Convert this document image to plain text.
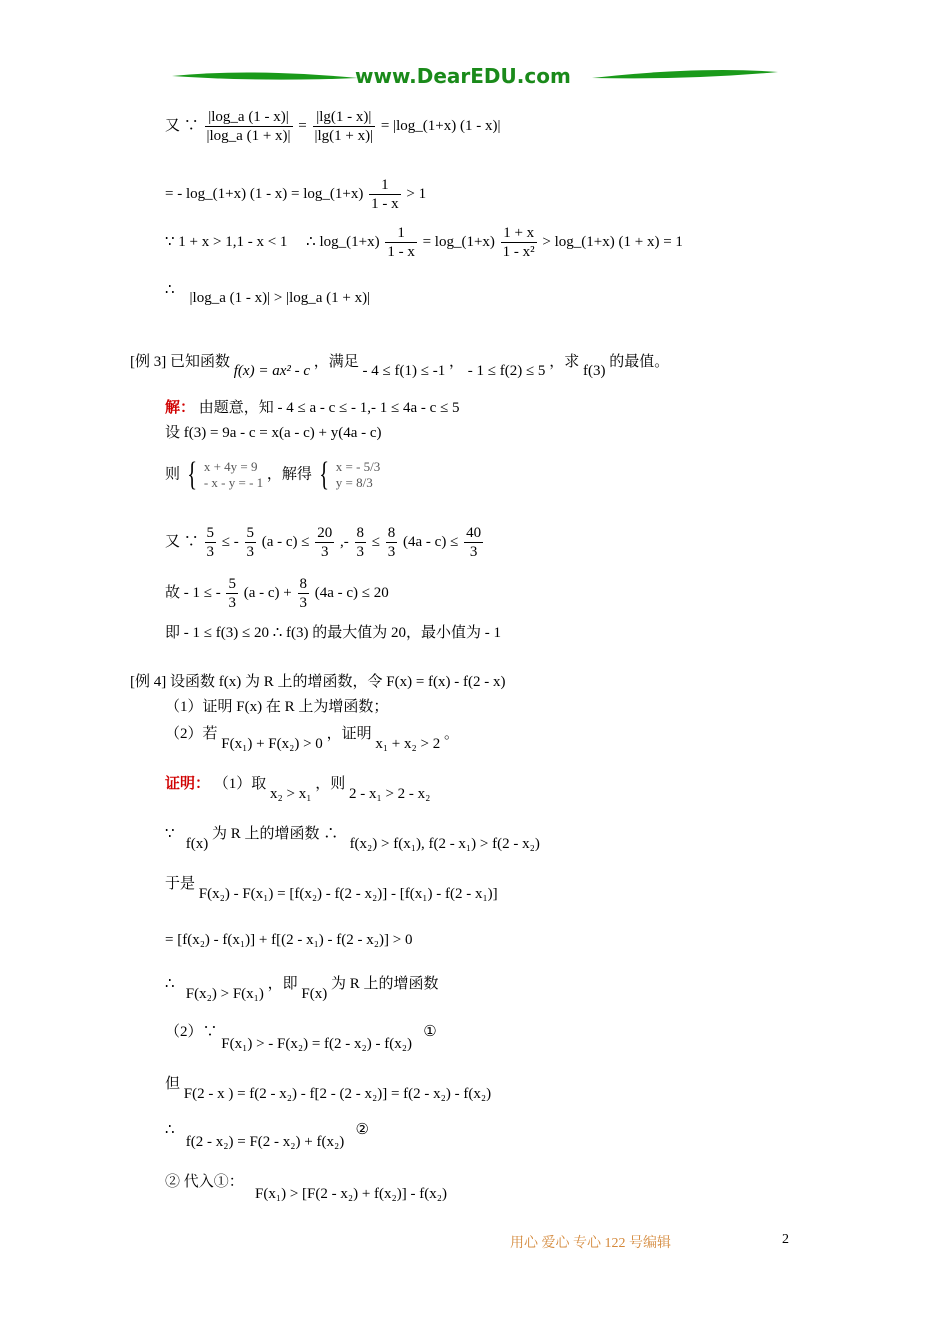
www.DearEDU.com
又 ∵ $\frac{|\log\_a (1 - x)|}{|\log\_a (1 + x)|} = \frac{|\lg(1 - x)|}{|\lg(1 + x)|}$ = |log_(1+x) (1 - x)|
= - log_(1+x) (1 - x) = log_(1+x) $\frac{1}{1 - x} > 1$
∵ 1 + x > 1,1 - x < 1 ∴ log_(1+x) $\frac{1}{1 - x}$ = log_(1+x) $\frac{1 + x}{\text{1 - x²}}$ > log_(1+x) (1 + x) = 1
∴ |log_a (1 - x)| > |log_a (1 + x)|
[例 3] 已知函数 f(x) = ax² - c ，满足 - 4 ≤ f(1) ≤ -1 ， - 1 ≤ f(2) ≤ 5 ，求 f(3) 的最值。
解： 由题意，知 - 4 ≤ a - c ≤ - 1,- 1 ≤ 4a - c ≤ 5
设 f(3) = 9a - c = x(a - c) + y(4a - c)
则 { x + 4y = 9
- x - y = - 1
，解得 { x = - 5/3
y = 8/3
又 ∵ $\frac{5}{3}$ ≤ - $\frac{5}{3} (a - c) \le \frac{20}{3}$ ,- $\frac{8}{3} \le \frac{8}{3} (4a - c) \le \frac{40}{3}$
故 - 1 ≤ - $\frac{5}{3} (a - c) + \frac{8}{3} (4a - c) \le 20$
即 - 1 ≤ f(3) ≤ 20 ∴ f(3) 的最大值为 20，最小值为 - 1
[例 4] 设函数 f(x) 为 R 上的增函数，令 F(x) = f(x) - f(2 - x)
（1）证明 F(x) 在 R 上为增函数；
（2）若 F(x₁) + F(x₂) > 0 ，证明 x₁ + x₂ > 2 。
证明： （1）取 x₂ > x₁ ，则 2 - x₁ > 2 - x₂
∵   f(x) 为 R 上的增函数 ∴   f(x₂) > f(x₁), f(2 - x₁) > f(2 - x₂)
于是 F(x₂) - F(x₁) = [f(x₂) - f(2 - x₂)] - [f(x₁) - f(2 - x₁)]
= [f(x₂) - f(x₁)] + f[(2 - x₁) - f(2 - x₂)] > 0
∴   F(x₂) > F(x₁) ，即 F(x) 为 R 上的增函数
（2）∵ F(x₁) > - F(x₂) = f(2 - x₂) - f(x₂)   ①
但 F(2 - x ) = f(2 - x₂) - f[2 - (2 - x₂)] = f(2 - x₂) - f(x₂)
∴   f(2 - x₂) = F(2 - x₂) + f(x₂)   ②
② 代入①：   F(x₁) > [F(2 - x₂) + f(x₂)] - f(x₂)
用心 爱心 专心 122 号编辑	2
